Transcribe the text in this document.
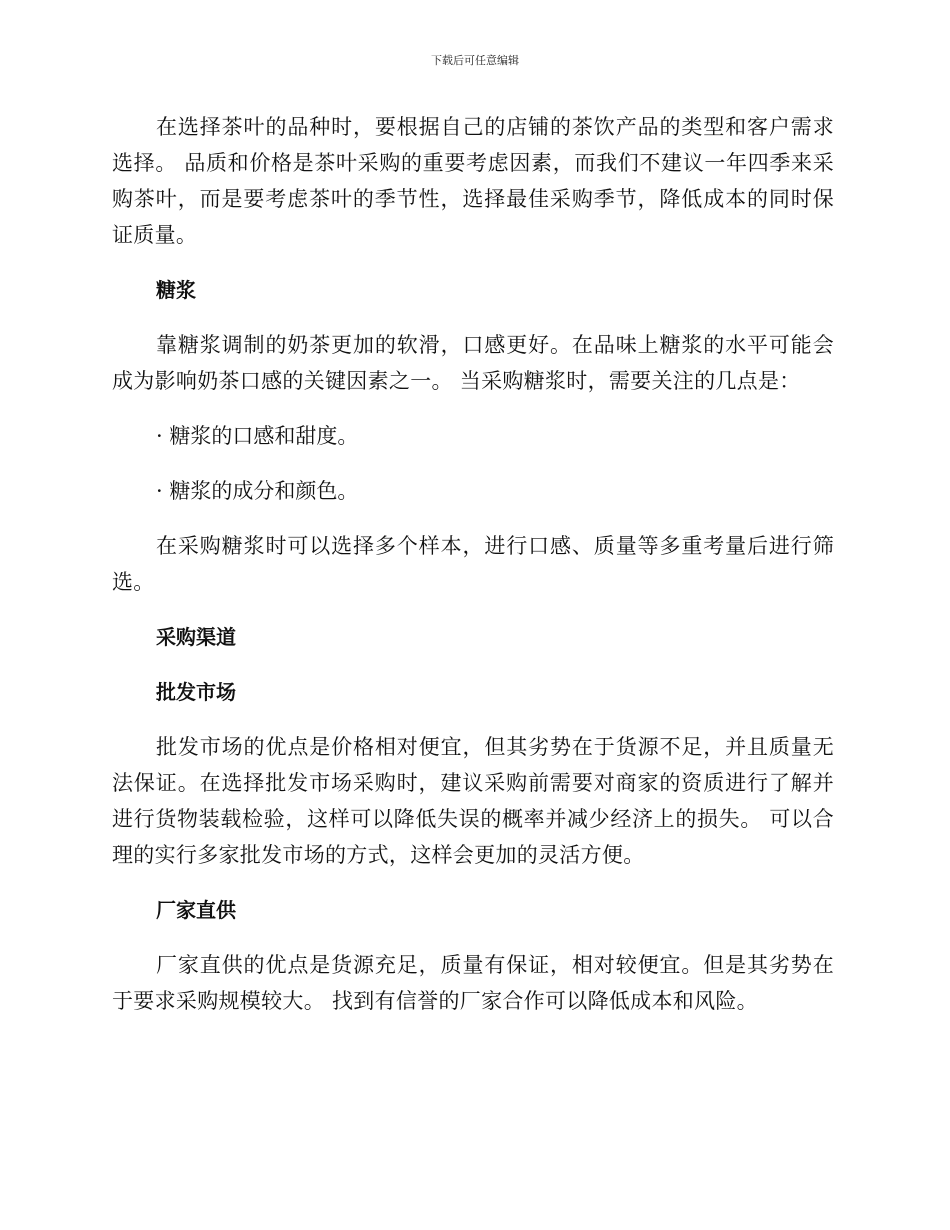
下载后可任意编辑

在选择茶叶的品种时，要根据自己的店铺的茶饮产品的类型和客户需求选择。 品质和价格是茶叶采购的重要考虑因素，而我们不建议一年四季来采购茶叶，而是要考虑茶叶的季节性，选择最佳采购季节，降低成本的同时保证质量。

糖浆

靠糖浆调制的奶茶更加的软滑，口感更好。在品味上糖浆的水平可能会成为影响奶茶口感的关键因素之一。 当采购糖浆时，需要关注的几点是：

· 糖浆的口感和甜度。
· 糖浆的成分和颜色。

在采购糖浆时可以选择多个样本，进行口感、质量等多重考量后进行筛选。

采购渠道
批发市场

批发市场的优点是价格相对便宜，但其劣势在于货源不足，并且质量无法保证。在选择批发市场采购时，建议采购前需要对商家的资质进行了解并进行货物装载检验，这样可以降低失误的概率并减少经济上的损失。 可以合理的实行多家批发市场的方式，这样会更加的灵活方便。

厂家直供

厂家直供的优点是货源充足，质量有保证，相对较便宜。但是其劣势在于要求采购规模较大。 找到有信誉的厂家合作可以降低成本和风险。
